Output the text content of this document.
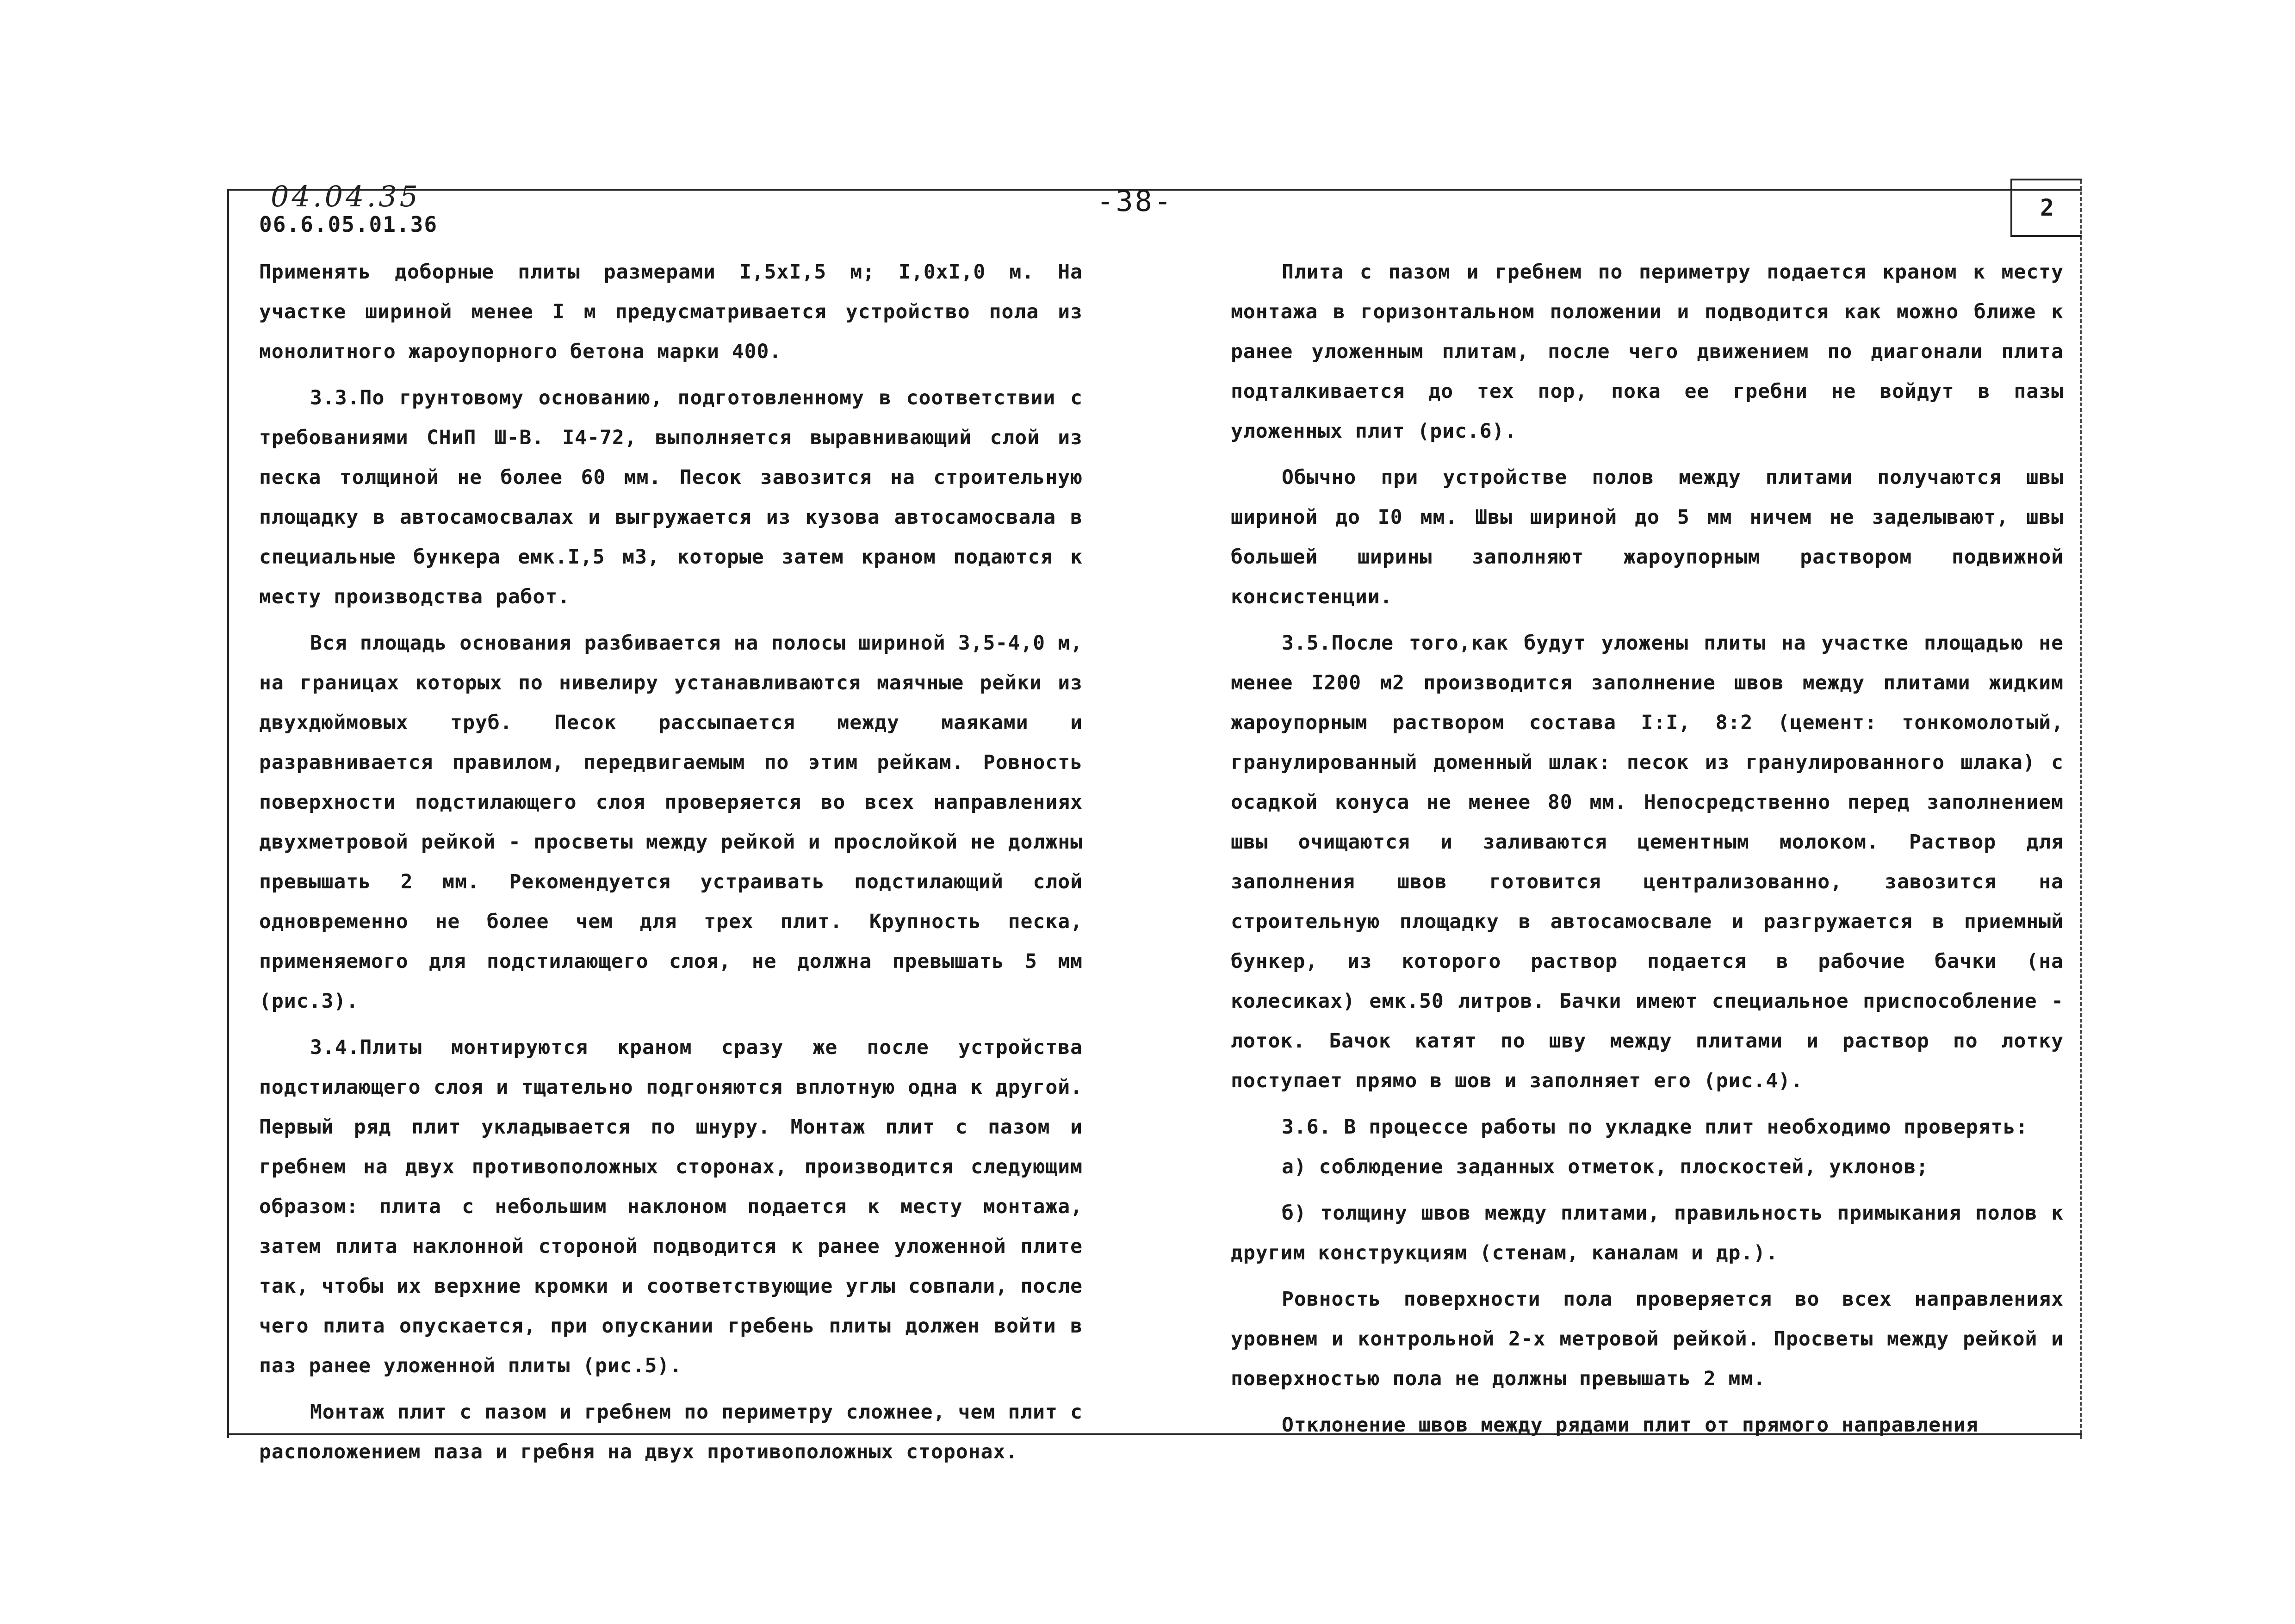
04.04.35
06.6.05.01.36
-38-	2

Применять доборные плиты размерами I,5xI,5 м; I,0xI,0 м. На участке шириной менее I м предусматривается устройство пола из монолитного жароупорного бетона марки 400.

3.3.По грунтовому основанию, подготовленному в соответствии с требованиями СНиП Ш-В. I4-72, выполняется выравнивающий слой из песка толщиной не более 60 мм. Песок завозится на строительную площадку в автосамосвалах и выгружается из кузова автосамосвала в специальные бункера емк.I,5 м3, которые затем краном подаются к месту производства работ.

Вся площадь основания разбивается на полосы шириной 3,5-4,0 м, на границах которых по нивелиру устанавливаются маячные рейки из двухдюймовых труб. Песок рассыпается между маяками и разравнивается правилом, передвигаемым по этим рейкам. Ровность поверхности подстилающего слоя проверяется во всех направлениях двухметровой рейкой - просветы между рейкой и прослойкой не должны превышать 2 мм. Рекомендуется устраивать подстилающий слой одновременно не более чем для трех плит. Крупность песка, применяемого для подстилающего слоя, не должна превышать 5 мм (рис.3).

3.4.Плиты монтируются краном сразу же после устройства подстилающего слоя и тщательно подгоняются вплотную одна к другой. Первый ряд плит укладывается по шнуру. Монтаж плит с пазом и гребнем на двух противоположных сторонах, производится следующим образом: плита с небольшим наклоном подается к месту монтажа, затем плита наклонной стороной подводится к ранее уложенной плите так, чтобы их верхние кромки и соответствующие углы совпали, после чего плита опускается, при опускании гребень плиты должен войти в паз ранее уложенной плиты (рис.5).

Монтаж плит с пазом и гребнем по периметру сложнее, чем плит с расположением паза и гребня на двух противоположных сторонах.

Плита с пазом и гребнем по периметру подается краном к месту монтажа в горизонтальном положении и подводится как можно ближе к ранее уложенным плитам, после чего движением по диагонали плита подталкивается до тех пор, пока ее гребни не войдут в пазы уложенных плит (рис.6).

Обычно при устройстве полов между плитами получаются швы шириной до I0 мм. Швы шириной до 5 мм ничем не заделывают, швы большей ширины заполняют жароупорным раствором подвижной консистенции.

3.5.После того,как будут уложены плиты на участке площадью не менее I200 м2 производится заполнение швов между плитами жидким жароупорным раствором состава I:I, 8:2 (цемент: тонкомолотый, гранулированный доменный шлак: песок из гранулированного шлака) с осадкой конуса не менее 80 мм. Непосредственно перед заполнением швы очищаются и заливаются цементным молоком. Раствор для заполнения швов готовится централизованно, завозится на строительную площадку в автосамосвале и разгружается в приемный бункер, из которого раствор подается в рабочие бачки (на колесиках) емк.50 литров. Бачки имеют специальное приспособление - лоток. Бачок катят по шву между плитами и раствор по лотку поступает прямо в шов и заполняет его (рис.4).

3.6. В процессе работы по укладке плит необходимо проверять:

а) соблюдение заданных отметок, плоскостей, уклонов;

б) толщину швов между плитами, правильность примыкания полов к другим конструкциям (стенам, каналам и др.).

Ровность поверхности пола проверяется во всех направлениях уровнем и контрольной 2-х метровой рейкой. Просветы между рейкой и поверхностью пола не должны превышать 2 мм.

Отклонение швов между рядами плит от прямого направления
